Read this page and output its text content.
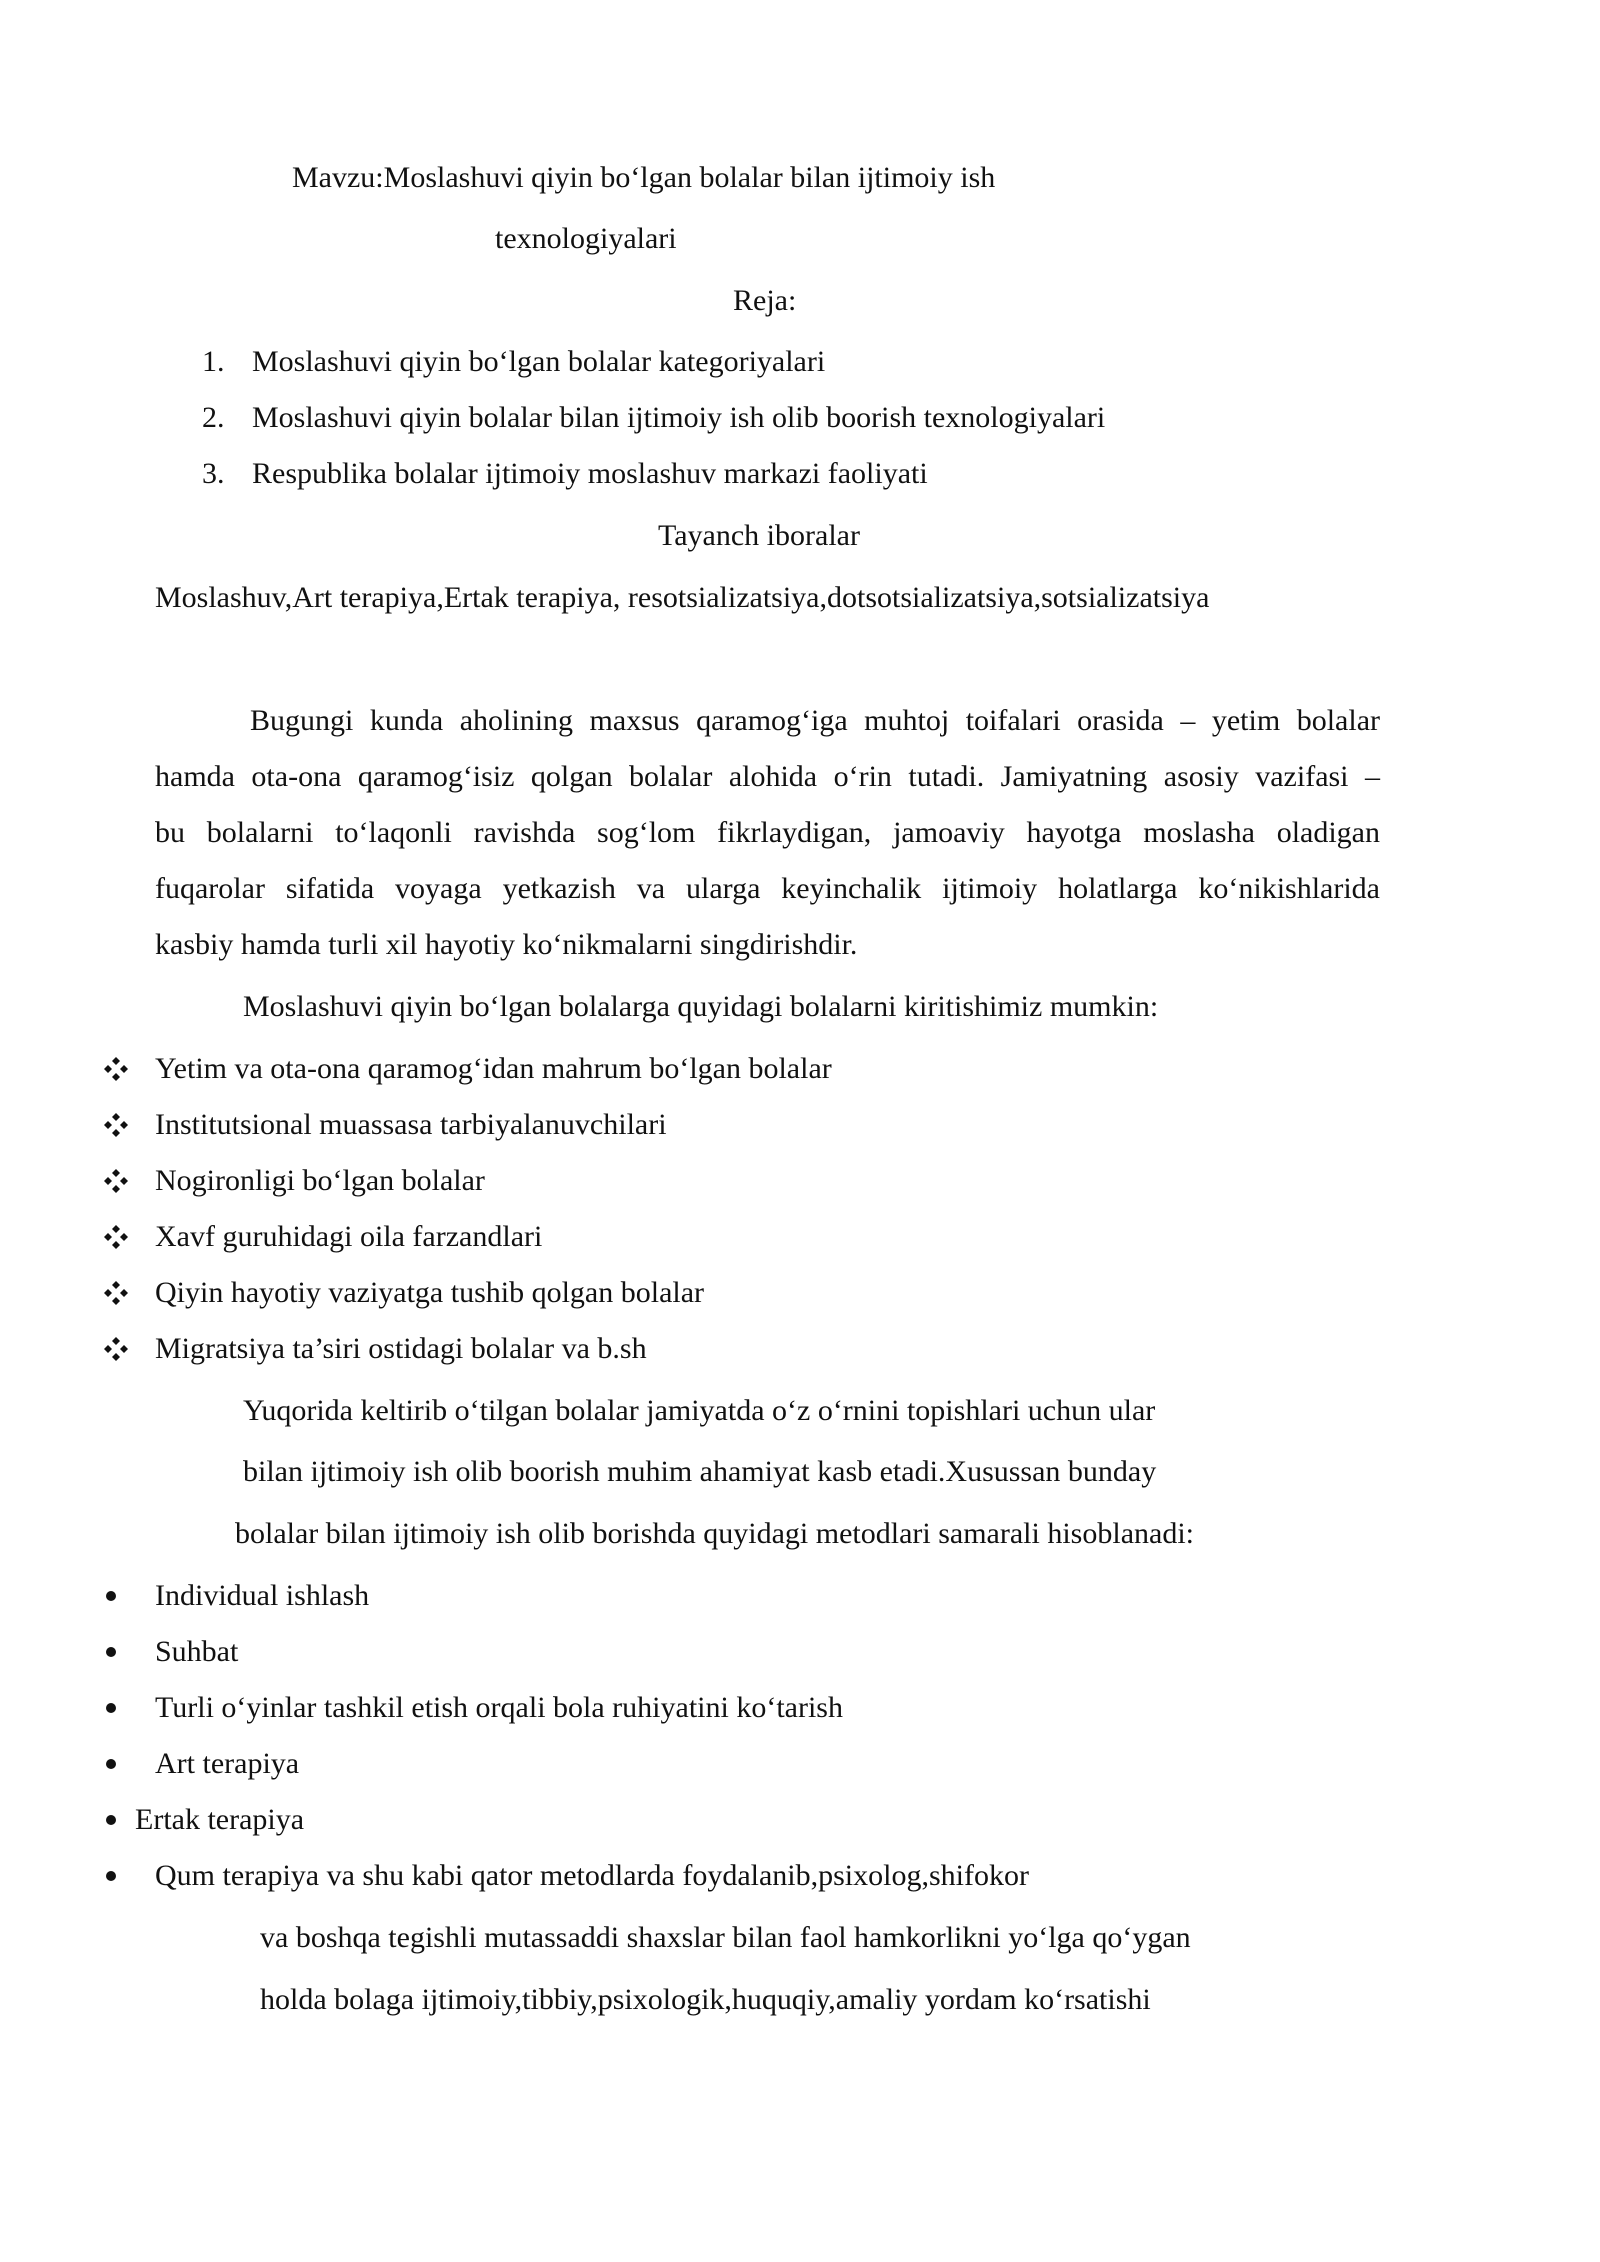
Mavzu:Moslashuvi qiyin bo‘lgan bolalar bilan ijtimoiy ish
texnologiyalari
Reja:
1. Moslashuvi qiyin bo‘lgan bolalar kategoriyalari
2. Moslashuvi qiyin bolalar bilan ijtimoiy ish olib boorish texnologiyalari
3. Respublika bolalar ijtimoiy moslashuv markazi faoliyati
Tayanch iboralar
Moslashuv,Art terapiya,Ertak terapiya, resotsializatsiya,dotsotsializatsiya,sotsializatsiya
Bugungi kunda aholining maxsus qaramog‘iga muhtoj toifalari orasida – yetim bolalar
hamda ota-ona qaramog‘isiz qolgan bolalar alohida o‘rin tutadi. Jamiyatning asosiy vazifasi –
bu bolalarni to‘laqonli ravishda sog‘lom fikrlaydigan, jamoaviy hayotga moslasha oladigan
fuqarolar sifatida voyaga yetkazish va ularga keyinchalik ijtimoiy holatlarga ko‘nikishlarida
kasbiy hamda turli xil hayotiy ko‘nikmalarni singdirishdir.
Moslashuvi qiyin bo‘lgan bolalarga quyidagi bolalarni kiritishimiz mumkin:
Yetim va ota-ona qaramog‘idan mahrum bo‘lgan bolalar
Institutsional muassasa tarbiyalanuvchilari
Nogironligi bo‘lgan bolalar
Xavf guruhidagi oila farzandlari
Qiyin hayotiy vaziyatga tushib qolgan bolalar
Migratsiya ta’siri ostidagi bolalar va b.sh
Yuqorida keltirib o‘tilgan bolalar jamiyatda o‘z o‘rnini topishlari uchun ular
bilan ijtimoiy ish olib boorish muhim ahamiyat kasb etadi.Xusussan bunday
bolalar bilan ijtimoiy ish olib borishda quyidagi metodlari samarali hisoblanadi:
Individual ishlash
Suhbat
Turli o‘yinlar tashkil etish orqali bola ruhiyatini ko‘tarish
Art terapiya
Ertak terapiya
Qum terapiya va shu kabi qator metodlarda foydalanib,psixolog,shifokor
va boshqa tegishli mutassaddi shaxslar bilan faol hamkorlikni yo‘lga qo‘ygan
holda bolaga ijtimoiy,tibbiy,psixologik,huquqiy,amaliy yordam ko‘rsatishi
